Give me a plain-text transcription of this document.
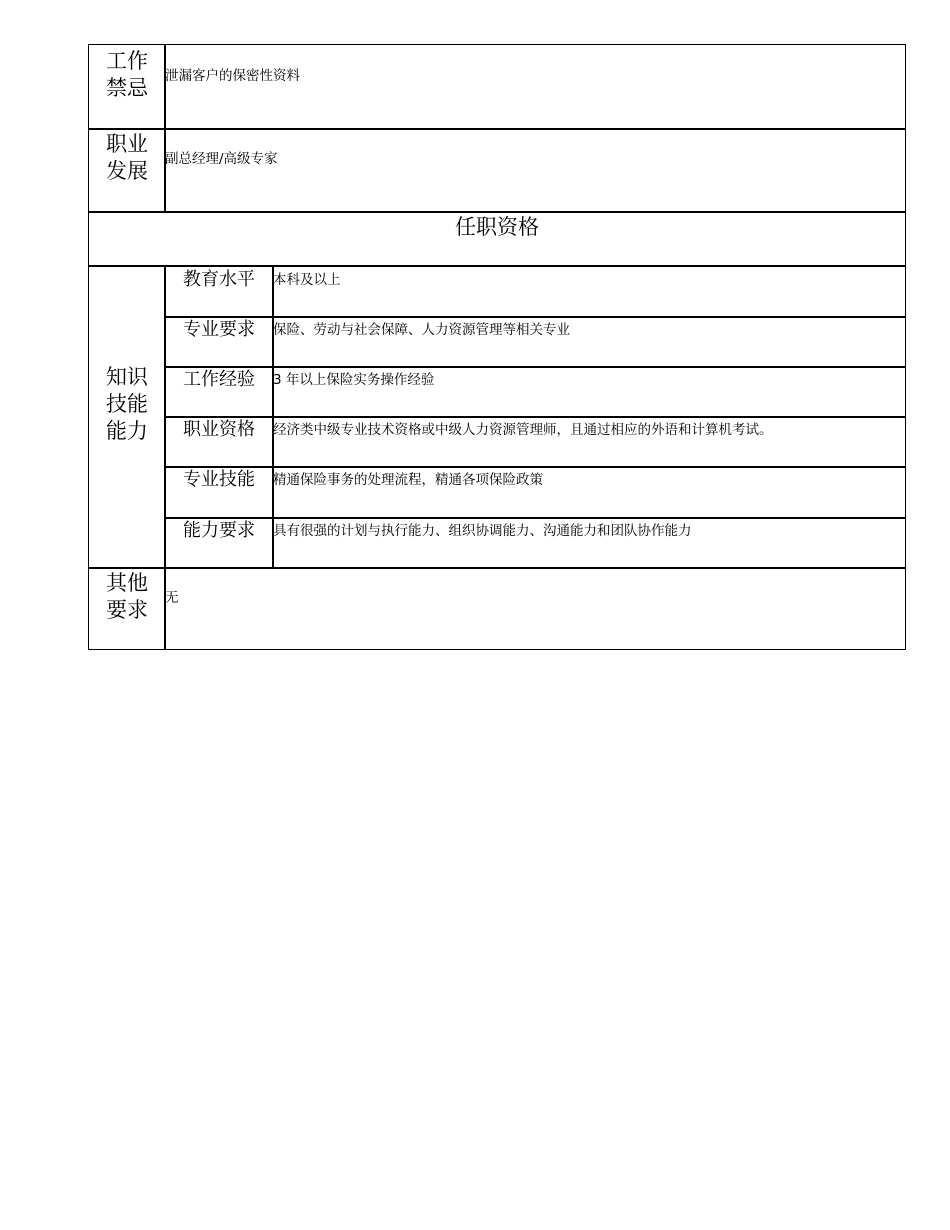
工作
禁忌	泄漏客户的保密性资料
职业
发展	副总经理/高级专家
任职资格
知识
技能
能力
教育水平	本科及以上
专业要求	保险、劳动与社会保障、人力资源管理等相关专业
工作经验	3 年以上保险实务操作经验
职业资格	经济类中级专业技术资格或中级人力资源管理师，且通过相应的外语和计算机考试。
专业技能	精通保险事务的处理流程，精通各项保险政策
能力要求	具有很强的计划与执行能力、组织协调能力、沟通能力和团队协作能力
其他
要求	无
